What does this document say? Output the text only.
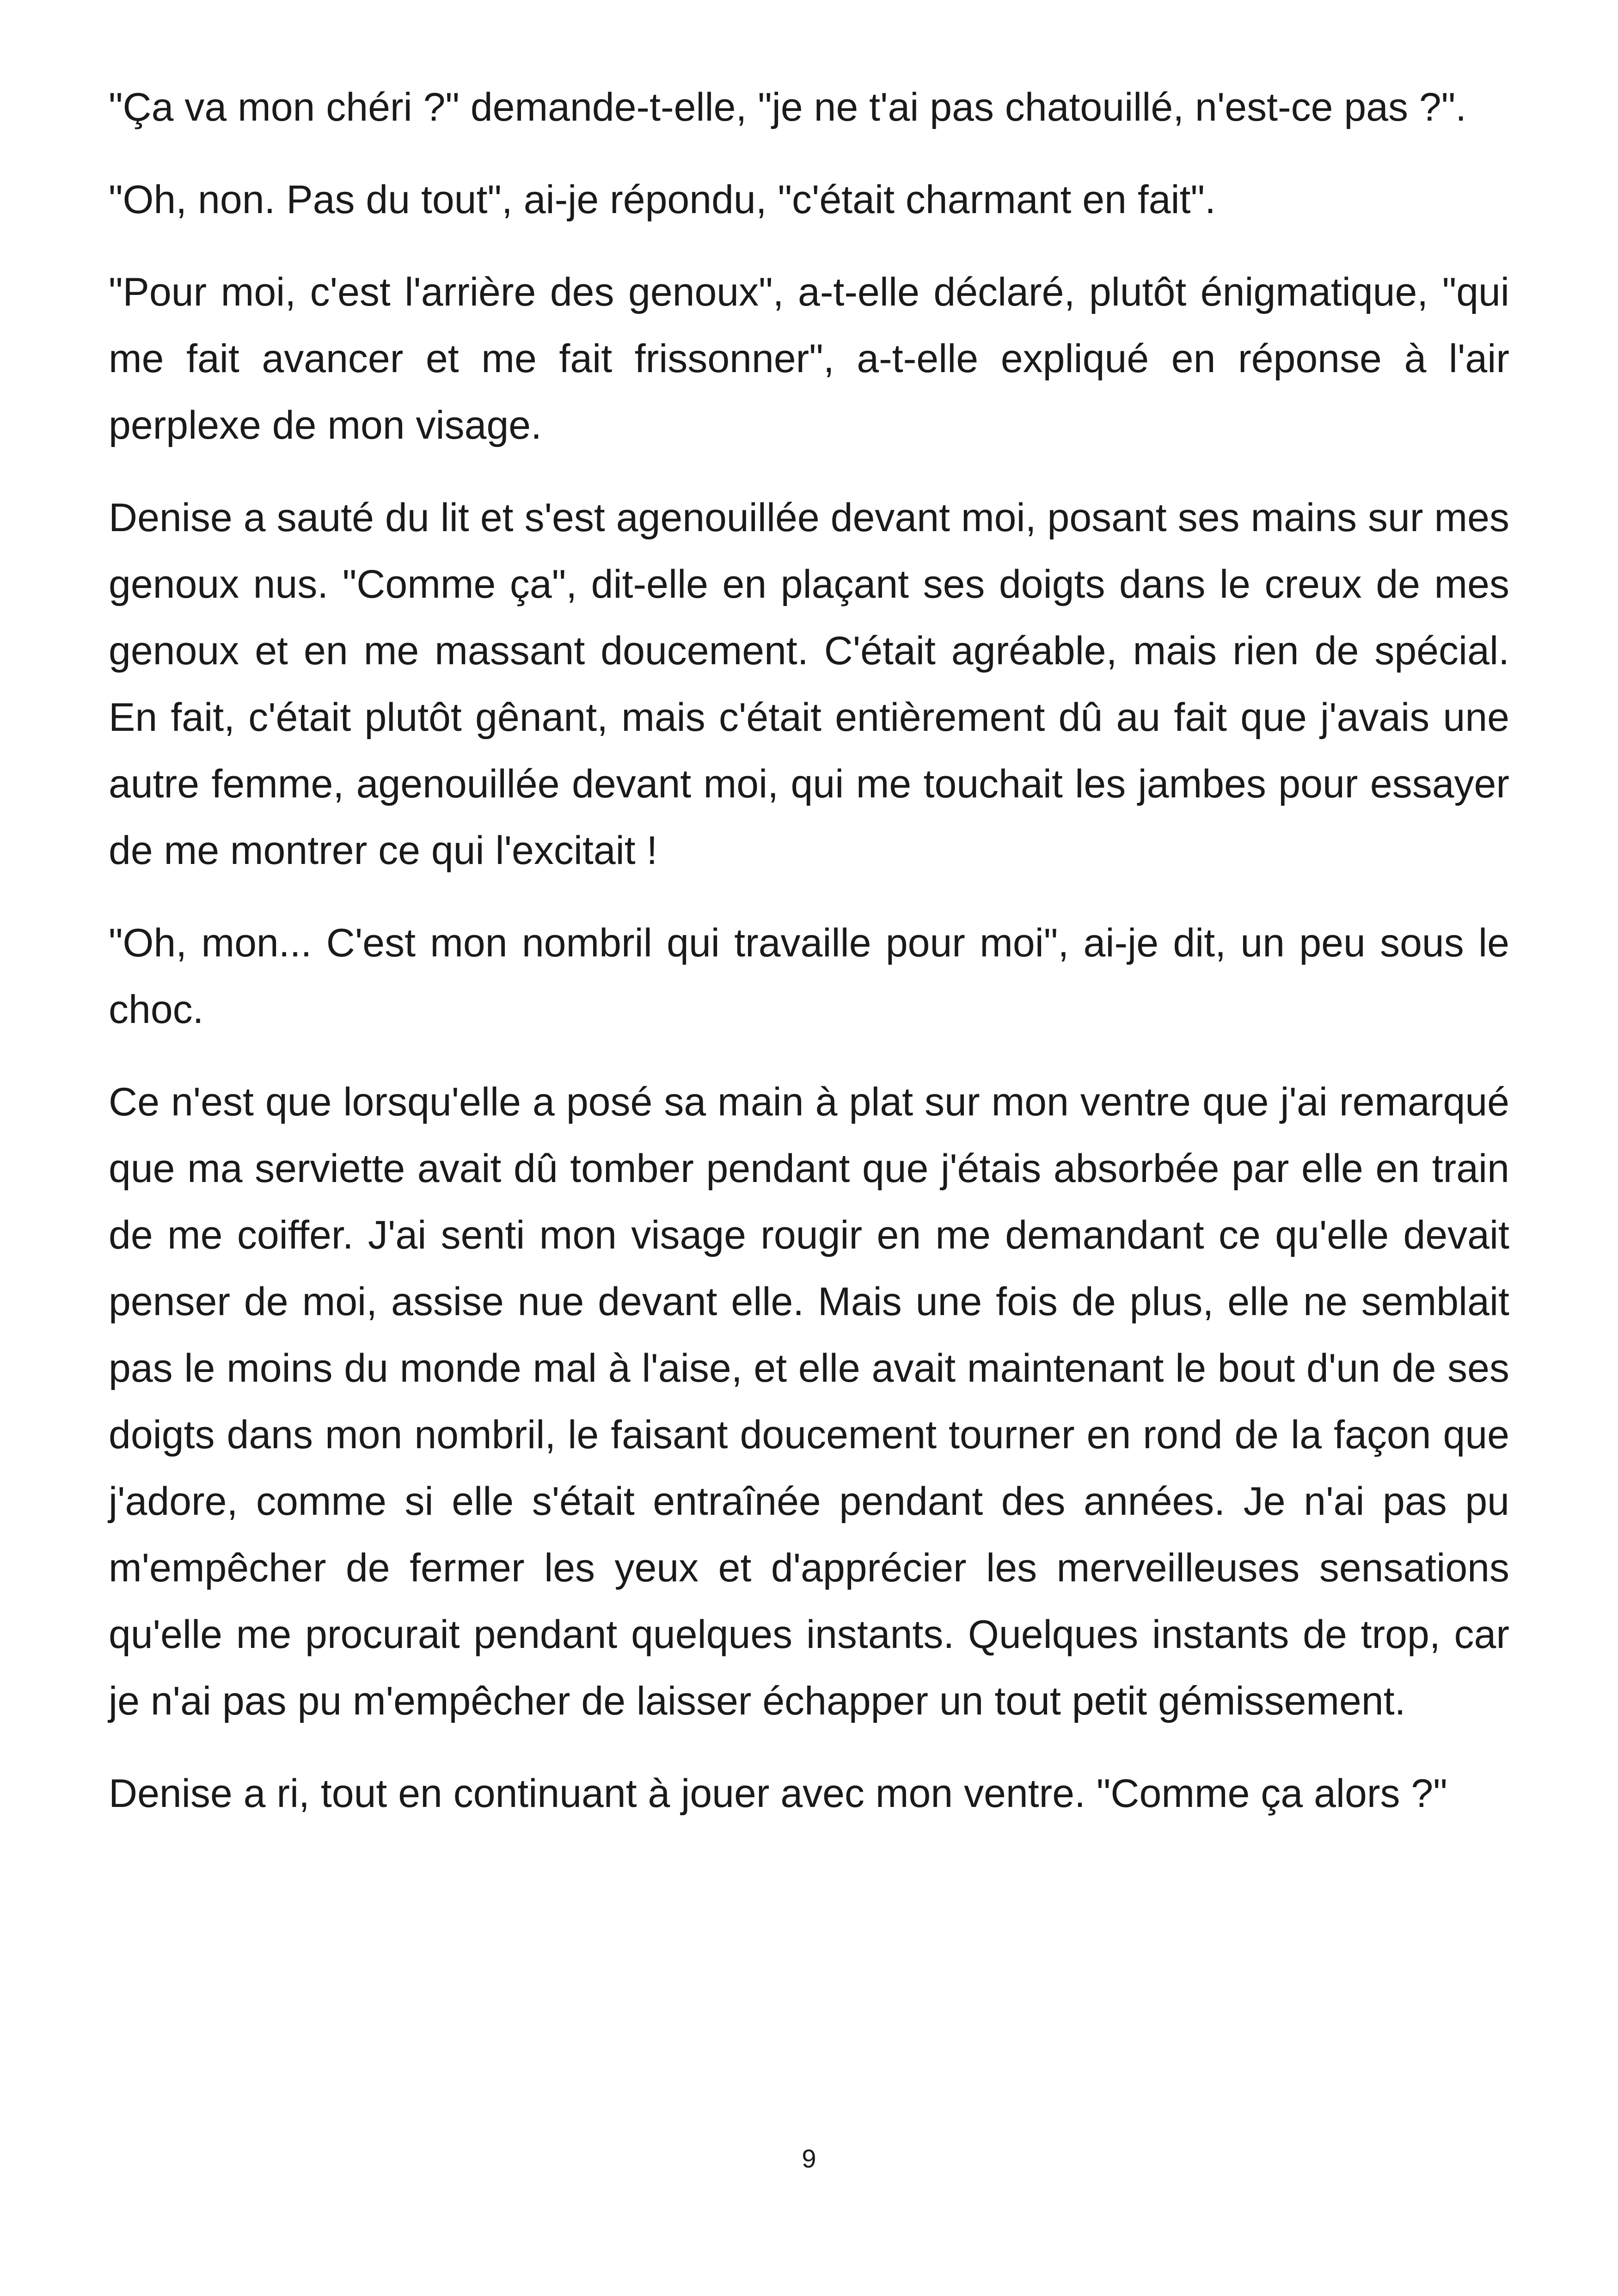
"Ça va mon chéri ?" demande-t-elle, "je ne t'ai pas chatouillé, n'est-ce pas ?".

"Oh, non. Pas du tout", ai-je répondu, "c'était charmant en fait".

"Pour moi, c'est l'arrière des genoux", a-t-elle déclaré, plutôt énigmatique, "qui me fait avancer et me fait frissonner", a-t-elle expliqué en réponse à l'air perplexe de mon visage.

Denise a sauté du lit et s'est agenouillée devant moi, posant ses mains sur mes genoux nus. "Comme ça", dit-elle en plaçant ses doigts dans le creux de mes genoux et en me massant doucement. C'était agréable, mais rien de spécial. En fait, c'était plutôt gênant, mais c'était entièrement dû au fait que j'avais une autre femme, agenouillée devant moi, qui me touchait les jambes pour essayer de me montrer ce qui l'excitait !

"Oh, mon... C'est mon nombril qui travaille pour moi", ai-je dit, un peu sous le choc.

Ce n'est que lorsqu'elle a posé sa main à plat sur mon ventre que j'ai remarqué que ma serviette avait dû tomber pendant que j'étais absorbée par elle en train de me coiffer. J'ai senti mon visage rougir en me demandant ce qu'elle devait penser de moi, assise nue devant elle. Mais une fois de plus, elle ne semblait pas le moins du monde mal à l'aise, et elle avait maintenant le bout d'un de ses doigts dans mon nombril, le faisant doucement tourner en rond de la façon que j'adore, comme si elle s'était entraînée pendant des années. Je n'ai pas pu m'empêcher de fermer les yeux et d'apprécier les merveilleuses sensations qu'elle me procurait pendant quelques instants. Quelques instants de trop, car je n'ai pas pu m'empêcher de laisser échapper un tout petit gémissement.

Denise a ri, tout en continuant à jouer avec mon ventre. "Comme ça alors ?"

9
